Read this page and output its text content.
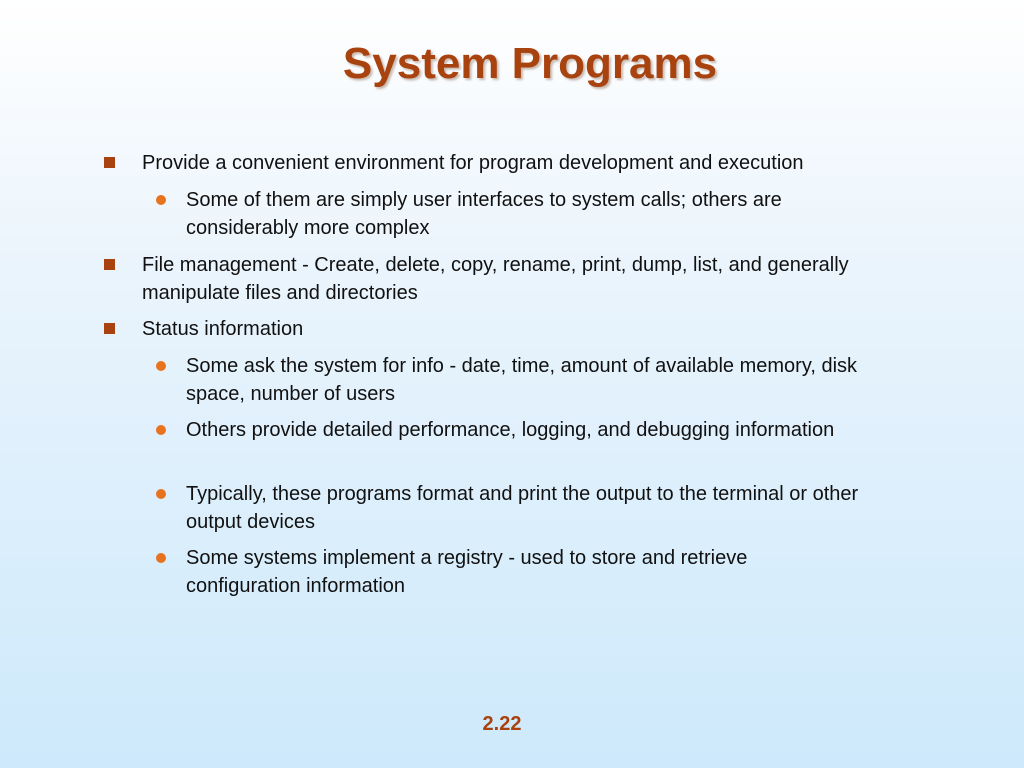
System Programs
Provide a convenient environment for program development and execution
Some of them are simply user interfaces to system calls; others are considerably more complex
File management - Create, delete, copy, rename, print, dump, list, and generally manipulate files and directories
Status information
Some ask the system for info - date, time, amount of available memory, disk space, number of users
Others provide detailed performance, logging, and debugging information
Typically, these programs format and print the output to the terminal or other output devices
Some systems implement a registry - used to store and retrieve configuration information
2.22
